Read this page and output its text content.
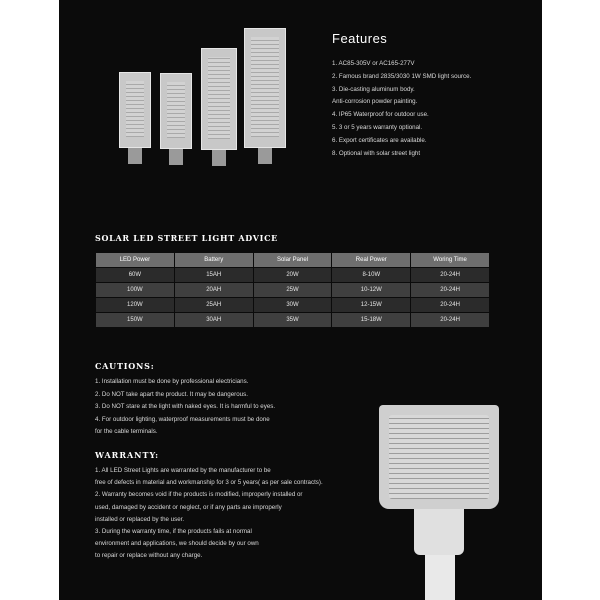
Features
1. AC85-305V or AC165-277V
2. Famous brand 2835/3030 1W SMD light source.
3. Die-casting aluminum body.
Anti-corrosion powder painting.
4. IP65 Waterproof for outdoor use.
5. 3 or 5 years warranty optional.
6. Export certificates are available.
8. Optional with solar street light
SOLAR LED STREET LIGHT ADVICE
LED Power	Battery	Solar Panel	Real Power	Woring Time
60W	15AH	20W	8-10W	20-24H
100W	20AH	25W	10-12W	20-24H
120W	25AH	30W	12-15W	20-24H
150W	30AH	35W	15-18W	20-24H
CAUTIONS:
1. Installation must be done by professional electricians.
2. Do NOT take apart the product. It may be dangerous.
3. Do NOT stare at the light with naked eyes. It is harmful to eyes.
4. For outdoor lighting, waterproof measurements must be done
for the cable terminals.
WARRANTY:

1. All LED Street Lights are warranted by the manufacturer to be

free of defects in material and workmanship for 3 or 5 years( as per sale contracts).

2. Warranty becomes void if the products is modified, improperly installed or

used, damaged by accident or neglect, or if any parts are improperly

installed or replaced by the user.

3. During the warranty time, if the products fails at normal

environment and applications, we should decide by our own

to repair or replace without any charge.
